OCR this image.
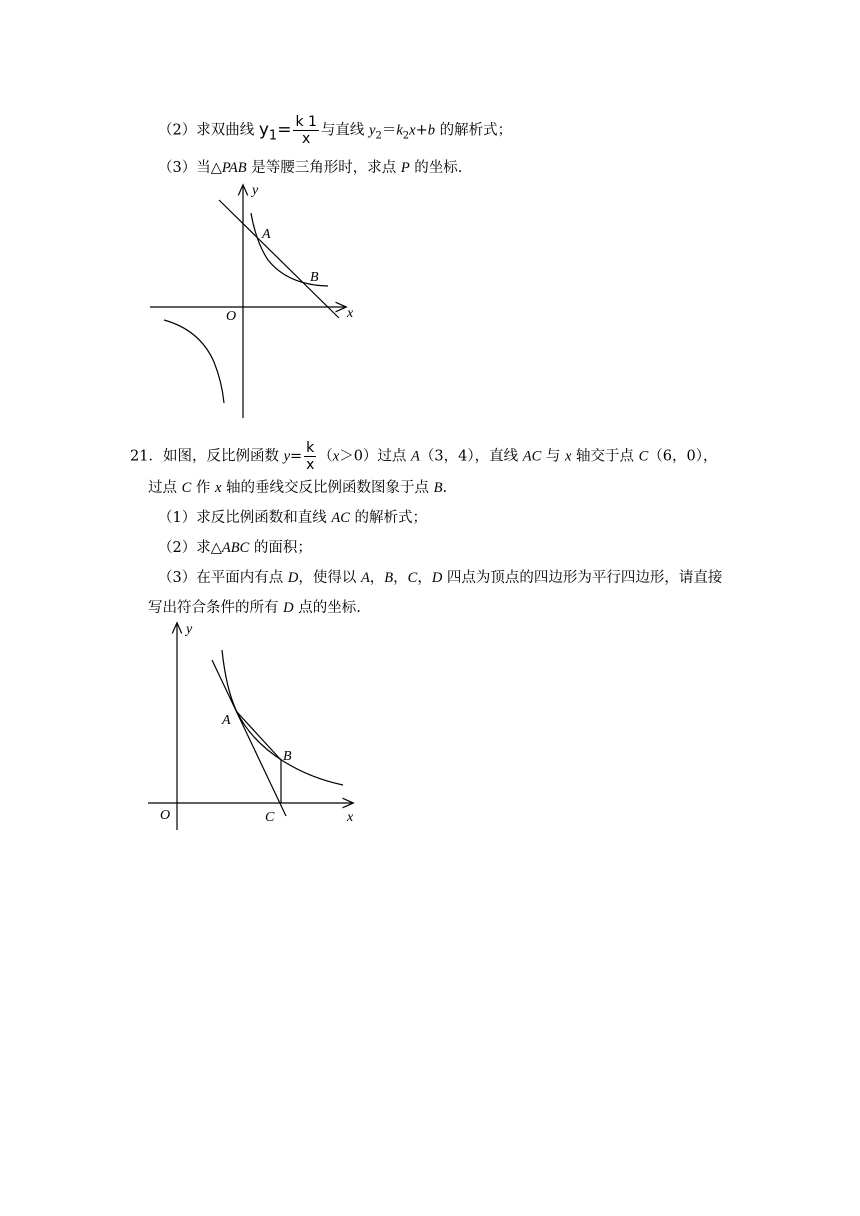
（2）求双曲线 $y_1= \frac{k 1}{x}$ 与直线 $y_2=k_2x+b$ 的解析式；
（3）当△PAB 是等腰三角形时，求点 P 的坐标.
y
x
O
A
B
21．如图，反比例函数 $y= \frac{k}{x} (x>0)$过点 A（3，4），直线 AC 与 x 轴交于点 C（6，0），
过点 C 作 x 轴的垂线交反比例函数图象于点 B.
（1）求反比例函数和直线 AC 的解析式；
（2）求△ABC 的面积；
（3）在平面内有点 D，使得以 A，B，C，D 四点为顶点的四边形为平行四边形，请直接
写出符合条件的所有 D 点的坐标.
y
x
O
A
B
C
